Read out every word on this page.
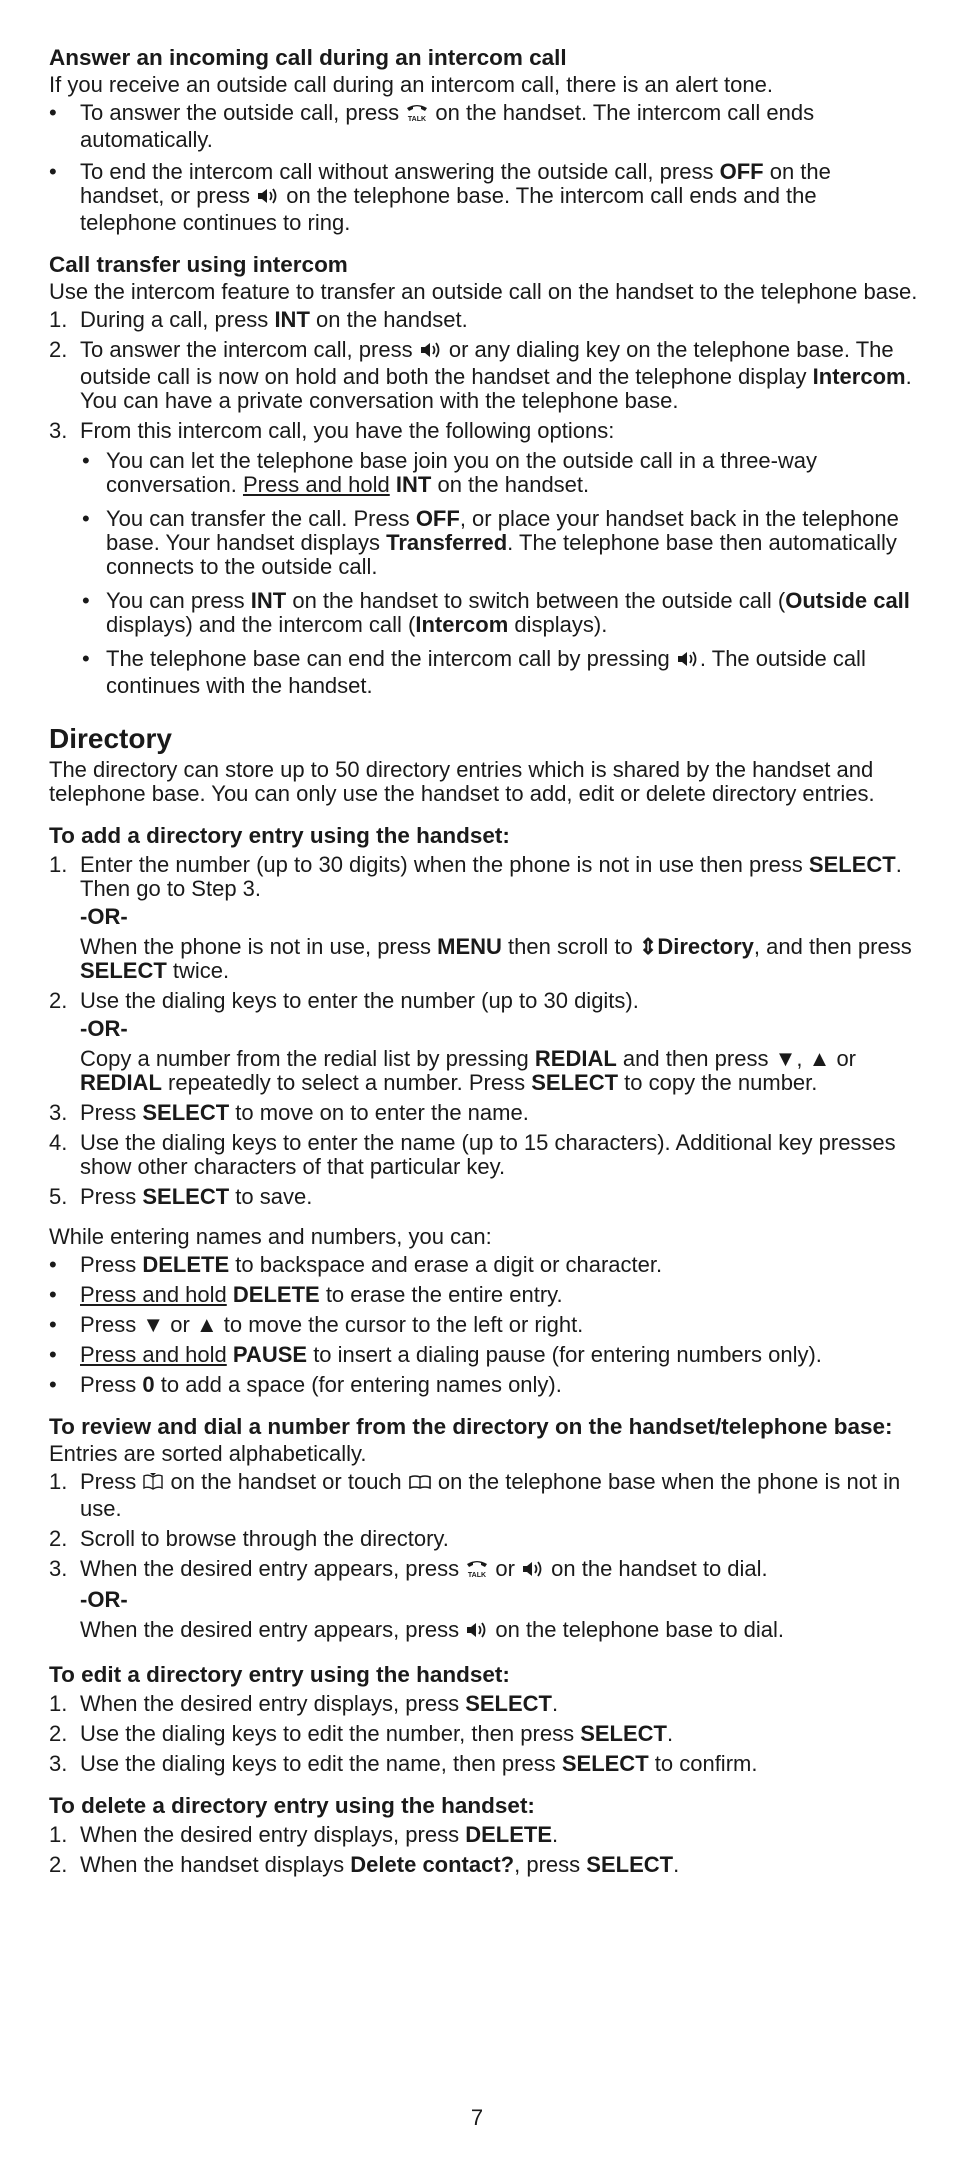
Answer an incoming call during an intercom call

If you receive an outside call during an intercom call, there is an alert tone.

• To answer the outside call, press TALK on the handset. The intercom call ends automatically.
• To end the intercom call without answering the outside call, press OFF on the handset, or press on the telephone base. The intercom call ends and the telephone continues to ring.
Call transfer using intercom

Use the intercom feature to transfer an outside call on the handset to the telephone base.

1. During a call, press INT on the handset.
2. To answer the intercom call, press or any dialing key on the telephone base. The outside call is now on hold and both the handset and the telephone display Intercom. You can have a private conversation with the telephone base.
3. From this intercom call, you have the following options:
• You can let the telephone base join you on the outside call in a three-way conversation. Press and hold INT on the handset.
• You can transfer the call. Press OFF, or place your handset back in the telephone base. Your handset displays Transferred. The telephone base then automatically connects to the outside call.
• You can press INT on the handset to switch between the outside call (Outside call displays) and the intercom call (Intercom displays).
• The telephone base can end the intercom call by pressing . The outside call continues with the handset.
Directory

The directory can store up to 50 directory entries which is shared by the handset and telephone base. You can only use the handset to add, edit or delete directory entries.

To add a directory entry using the handset:
1. Enter the number (up to 30 digits) when the phone is not in use then press SELECT. Then go to Step 3.
-OR-
When the phone is not in use, press MENU then scroll to ⇕Directory, and then press SELECT twice.
2. Use the dialing keys to enter the number (up to 30 digits).
-OR-
Copy a number from the redial list by pressing REDIAL and then press ▼, ▲ or REDIAL repeatedly to select a number. Press SELECT to copy the number.
3. Press SELECT to move on to enter the name.
4. Use the dialing keys to enter the name (up to 15 characters). Additional key presses show other characters of that particular key.
5. Press SELECT to save.

While entering names and numbers, you can:

• Press DELETE to backspace and erase a digit or character.
• Press and hold DELETE to erase the entire entry.
• Press ▼ or ▲ to move the cursor to the left or right.
• Press and hold PAUSE to insert a dialing pause (for entering numbers only).
• Press 0 to add a space (for entering names only).
To review and dial a number from the directory on the handset/telephone base:

Entries are sorted alphabetically.

1. Press on the handset or touch on the telephone base when the phone is not in use.
2. Scroll to browse through the directory.
3. When the desired entry appears, press TALK or on the handset to dial.
-OR-
When the desired entry appears, press on the telephone base to dial.
To edit a directory entry using the handset:
1. When the desired entry displays, press SELECT.
2. Use the dialing keys to edit the number, then press SELECT.
3. Use the dialing keys to edit the name, then press SELECT to confirm.
To delete a directory entry using the handset:
1. When the desired entry displays, press DELETE.
2. When the handset displays Delete contact?, press SELECT.
7
